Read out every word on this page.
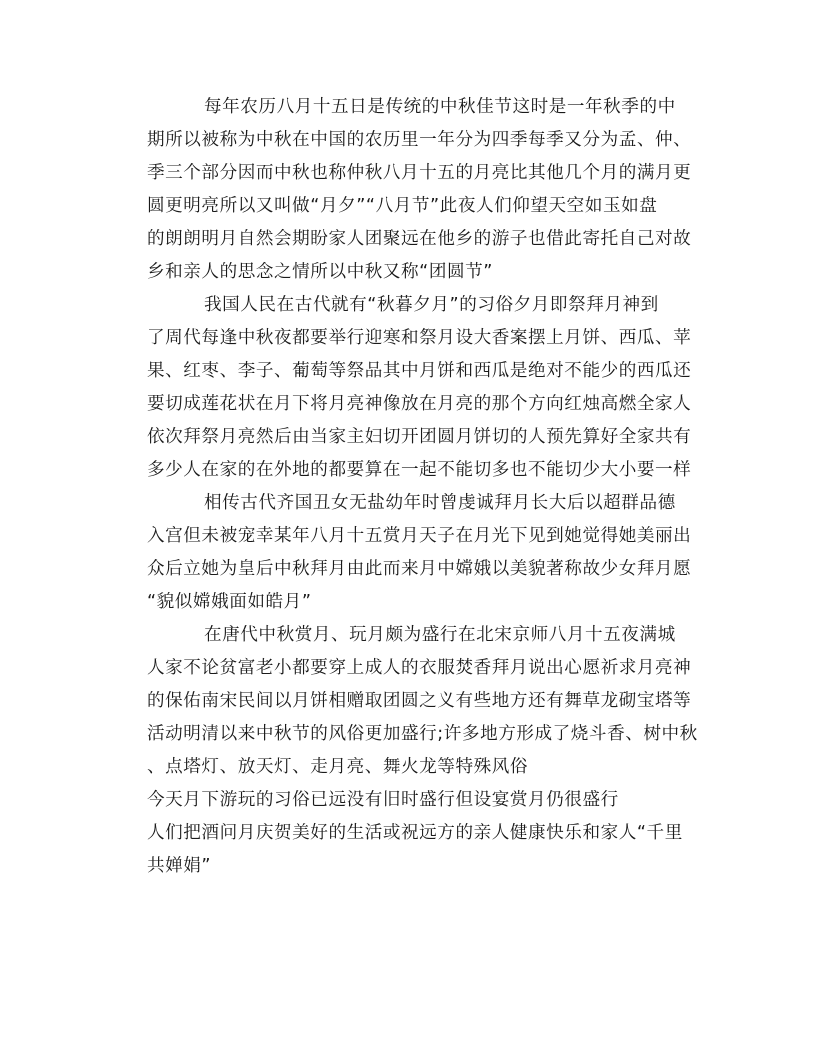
每年农历八月十五日是传统的中秋佳节这时是一年秋季的中
期所以被称为中秋在中国的农历里一年分为四季每季又分为孟、仲、
季三个部分因而中秋也称仲秋八月十五的月亮比其他几个月的满月更
圆更明亮所以又叫做“月夕”“八月节”此夜人们仰望天空如玉如盘
的朗朗明月自然会期盼家人团聚远在他乡的游子也借此寄托自己对故
乡和亲人的思念之情所以中秋又称“团圆节”
我国人民在古代就有“秋暮夕月”的习俗夕月即祭拜月神到
了周代每逢中秋夜都要举行迎寒和祭月设大香案摆上月饼、西瓜、苹
果、红枣、李子、葡萄等祭品其中月饼和西瓜是绝对不能少的西瓜还
要切成莲花状在月下将月亮神像放在月亮的那个方向红烛高燃全家人
依次拜祭月亮然后由当家主妇切开团圆月饼切的人预先算好全家共有
多少人在家的在外地的都要算在一起不能切多也不能切少大小要一样
相传古代齐国丑女无盐幼年时曾虔诚拜月长大后以超群品德
入宫但未被宠幸某年八月十五赏月天子在月光下见到她觉得她美丽出
众后立她为皇后中秋拜月由此而来月中嫦娥以美貌著称故少女拜月愿
“貌似嫦娥面如皓月”
在唐代中秋赏月、玩月颇为盛行在北宋京师八月十五夜满城
人家不论贫富老小都要穿上成人的衣服焚香拜月说出心愿祈求月亮神
的保佑南宋民间以月饼相赠取团圆之义有些地方还有舞草龙砌宝塔等
活动明清以来中秋节的风俗更加盛行;许多地方形成了烧斗香、树中秋
、点塔灯、放天灯、走月亮、舞火龙等特殊风俗
今天月下游玩的习俗已远没有旧时盛行但设宴赏月仍很盛行
人们把酒问月庆贺美好的生活或祝远方的亲人健康快乐和家人“千里
共婵娟”
